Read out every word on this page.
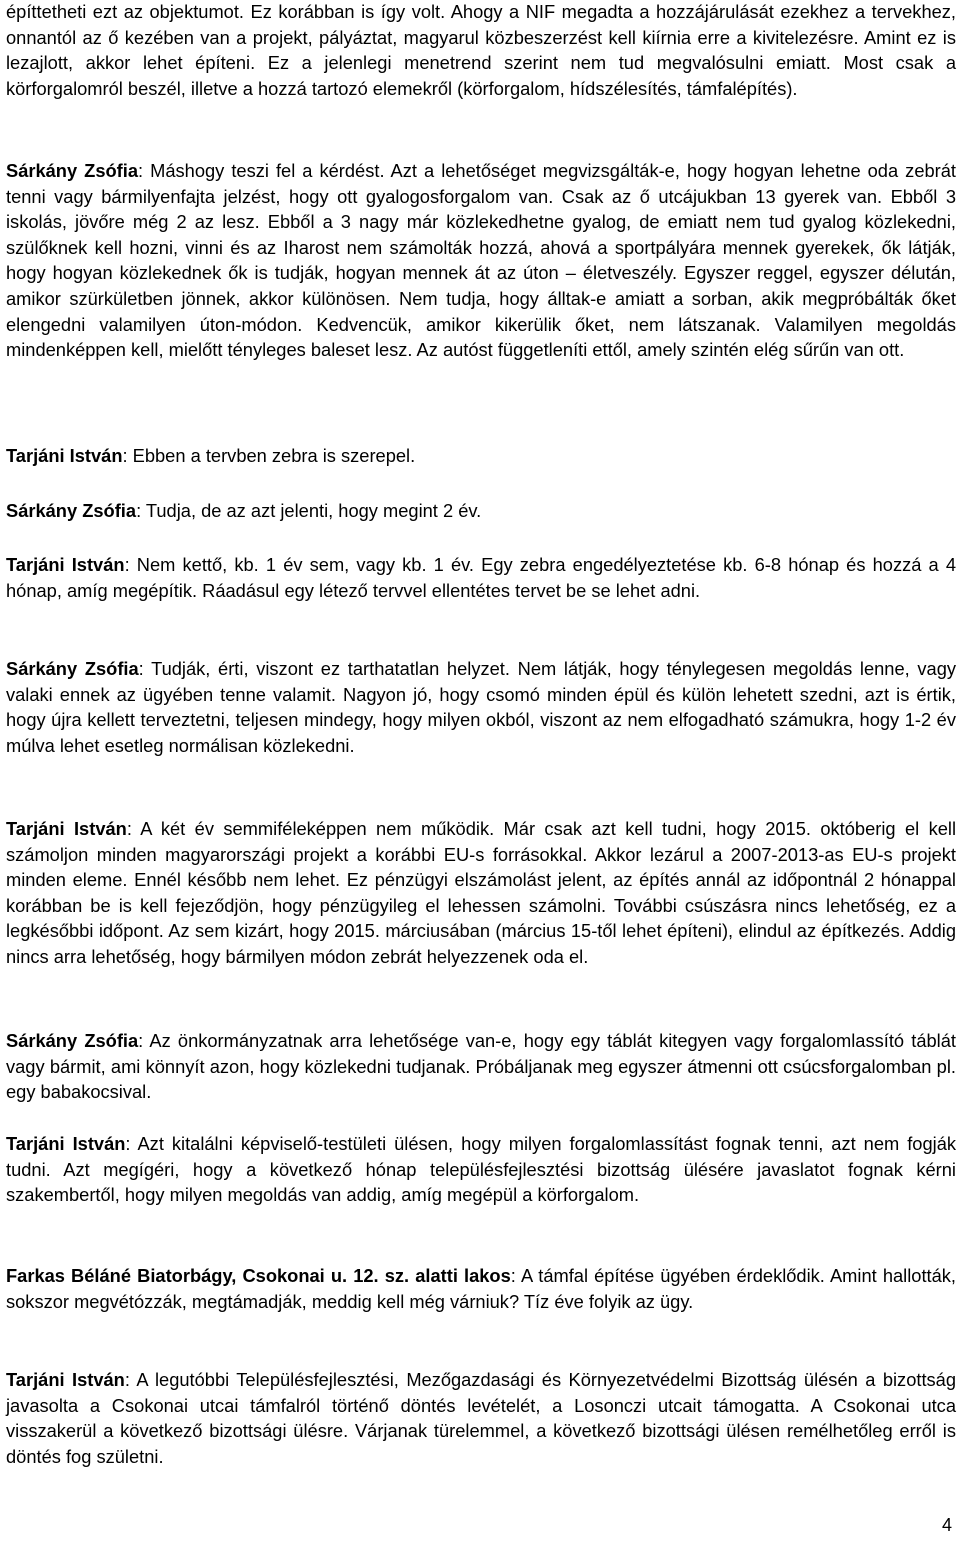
építtetheti ezt az objektumot. Ez korábban is így volt. Ahogy a NIF megadta a hozzájárulását ezekhez a tervekhez, onnantól az ő kezében van a projekt, pályáztat, magyarul közbeszerzést kell kiírnia erre a kivitelezésre. Amint ez is lezajlott, akkor lehet építeni. Ez a jelenlegi menetrend szerint nem tud megvalósulni emiatt. Most csak a körforgalomról beszél, illetve a hozzá tartozó elemekről (körforgalom, hídszélesítés, támfalépítés).

Sárkány Zsófia: Máshogy teszi fel a kérdést. Azt a lehetőséget megvizsgálták-e, hogy hogyan lehetne oda zebrát tenni vagy bármilyenfajta jelzést, hogy ott gyalogosforgalom van. Csak az ő utcájukban 13 gyerek van. Ebből 3 iskolás, jövőre még 2 az lesz. Ebből a 3 nagy már közlekedhetne gyalog, de emiatt nem tud gyalog közlekedni, szülőknek kell hozni, vinni és az Iharost nem számolták hozzá, ahová a sportpályára mennek gyerekek, ők látják, hogy hogyan közlekednek ők is tudják, hogyan mennek át az úton – életveszély. Egyszer reggel, egyszer délután, amikor szürkületben jönnek, akkor különösen. Nem tudja, hogy álltak-e amiatt a sorban, akik megpróbálták őket elengedni valamilyen úton-módon. Kedvencük, amikor kikerülik őket, nem látszanak. Valamilyen megoldás mindenképpen kell, mielőtt tényleges baleset lesz. Az autóst függetleníti ettől, amely szintén elég sűrűn van ott.

Tarjáni István: Ebben a tervben zebra is szerepel.

Sárkány Zsófia: Tudja, de az azt jelenti, hogy megint 2 év.

Tarjáni István: Nem kettő, kb. 1 év sem, vagy kb. 1 év. Egy zebra engedélyeztetése kb. 6-8 hónap és hozzá a 4 hónap, amíg megépítik. Ráadásul egy létező tervvel ellentétes tervet be se lehet adni.

Sárkány Zsófia: Tudják, érti, viszont ez tarthatatlan helyzet. Nem látják, hogy ténylegesen megoldás lenne, vagy valaki ennek az ügyében tenne valamit. Nagyon jó, hogy csomó minden épül és külön lehetett szedni, azt is értik, hogy újra kellett terveztetni, teljesen mindegy, hogy milyen okból, viszont az nem elfogadható számukra, hogy 1-2 év múlva lehet esetleg normálisan közlekedni.

Tarjáni István: A két év semmiféleképpen nem működik. Már csak azt kell tudni, hogy 2015. októberig el kell számoljon minden magyarországi projekt a korábbi EU-s forrásokkal. Akkor lezárul a 2007-2013-as EU-s projekt minden eleme. Ennél később nem lehet. Ez pénzügyi elszámolást jelent, az építés annál az időpontnál 2 hónappal korábban be is kell fejeződjön, hogy pénzügyileg el lehessen számolni. További csúszásra nincs lehetőség, ez a legkésőbbi időpont. Az sem kizárt, hogy 2015. márciusában (március 15-től lehet építeni), elindul az építkezés. Addig nincs arra lehetőség, hogy bármilyen módon zebrát helyezzenek oda el.

Sárkány Zsófia: Az önkormányzatnak arra lehetősége van-e, hogy egy táblát kitegyen vagy forgalomlassító táblát vagy bármit, ami könnyít azon, hogy közlekedni tudjanak. Próbáljanak meg egyszer átmenni ott csúcsforgalomban pl. egy babakocsival.

Tarjáni István: Azt kitalálni képviselő-testületi ülésen, hogy milyen forgalomlassítást fognak tenni, azt nem fogják tudni. Azt megígéri, hogy a következő hónap településfejlesztési bizottság ülésére javaslatot fognak kérni szakembertől, hogy milyen megoldás van addig, amíg megépül a körforgalom.

Farkas Béláné Biatorbágy, Csokonai u. 12. sz. alatti lakos: A támfal építése ügyében érdeklődik. Amint hallották, sokszor megvétózzák, megtámadják, meddig kell még várniuk? Tíz éve folyik az ügy.

Tarjáni István: A legutóbbi Településfejlesztési, Mezőgazdasági és Környezetvédelmi Bizottság ülésén a bizottság javasolta a Csokonai utcai támfalról történő döntés levételét, a Losonczi utcait támogatta. A Csokonai utca visszakerül a következő bizottsági ülésre. Várjanak türelemmel, a következő bizottsági ülésen remélhetőleg erről is döntés fog születni.

4
